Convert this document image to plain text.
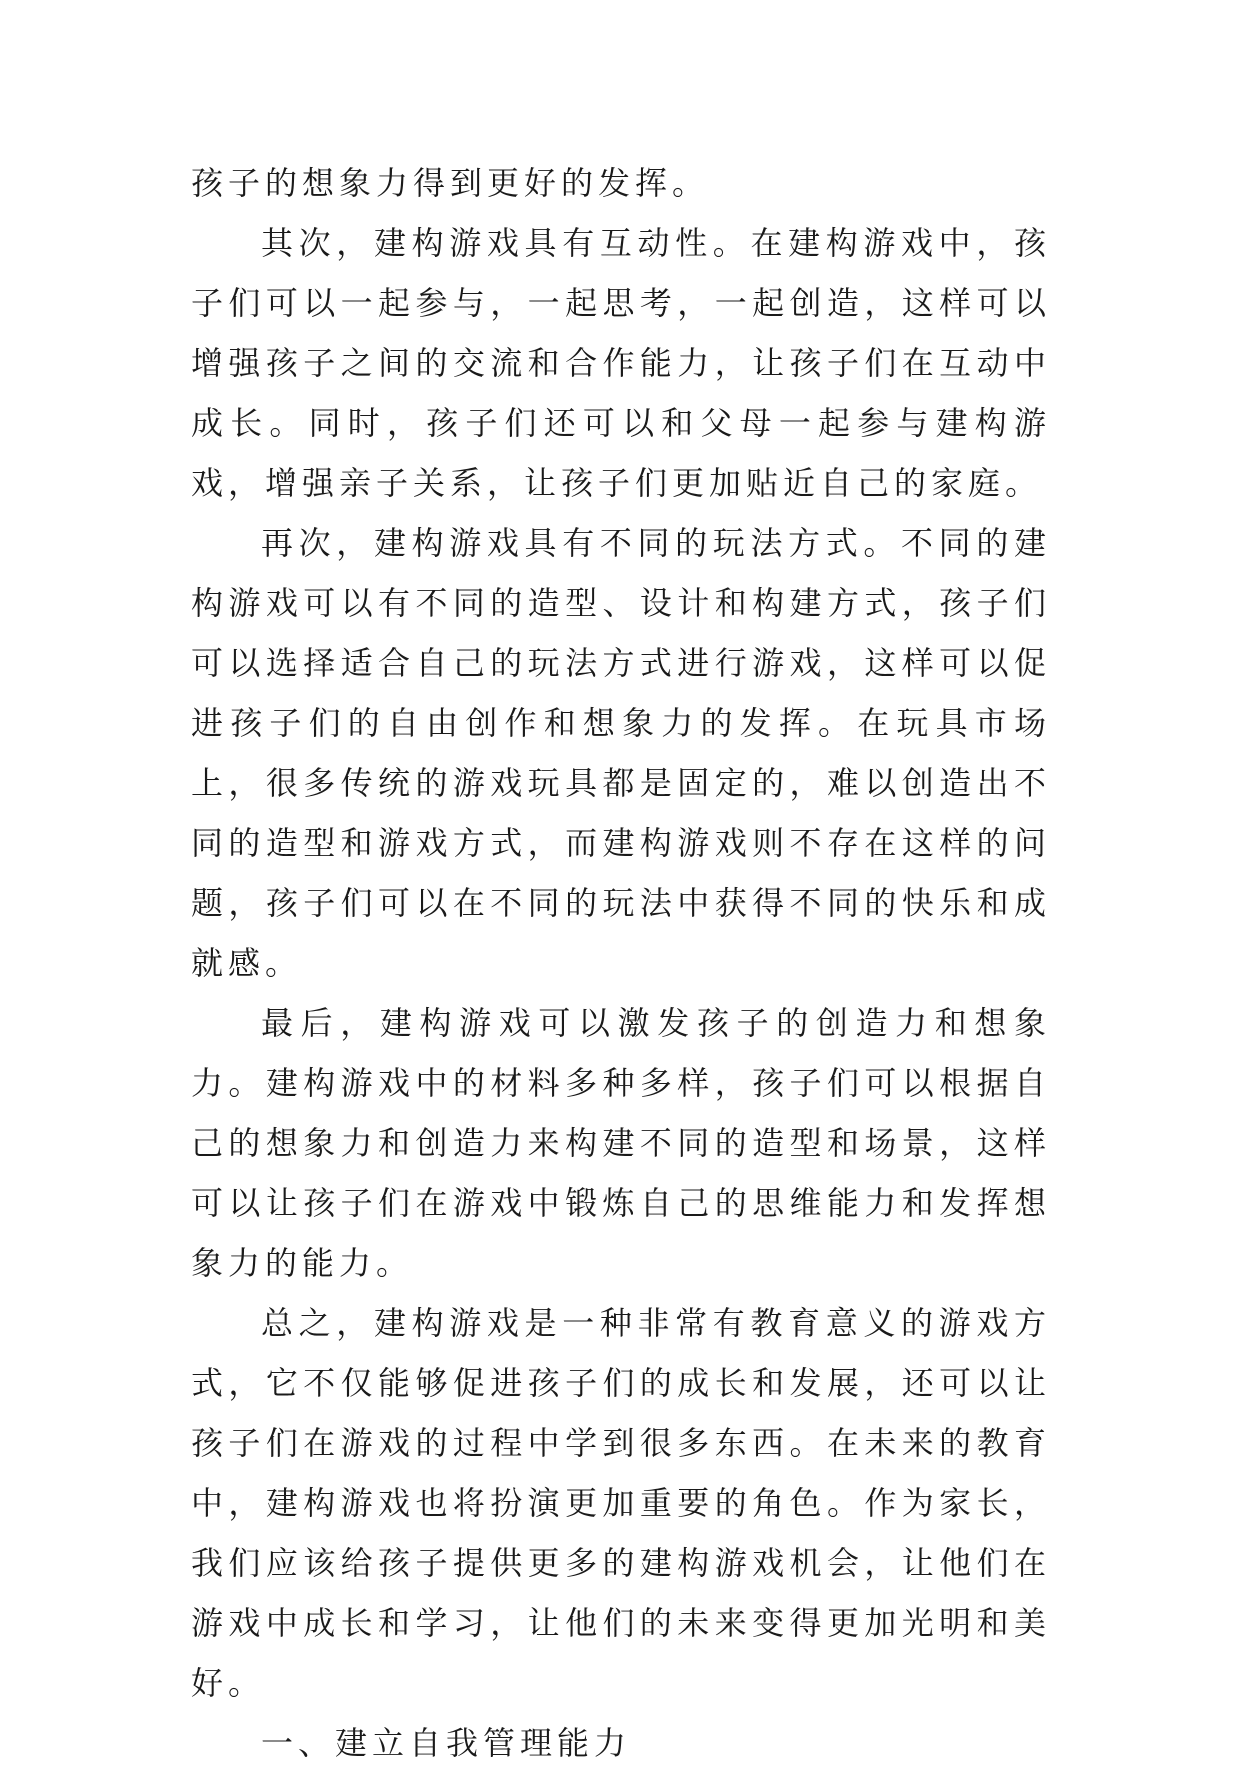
孩子的想象力得到更好的发挥。

其次，建构游戏具有互动性。在建构游戏中，孩子们可以一起参与，一起思考，一起创造，这样可以增强孩子之间的交流和合作能力，让孩子们在互动中成长。同时，孩子们还可以和父母一起参与建构游戏，增强亲子关系，让孩子们更加贴近自己的家庭。

再次，建构游戏具有不同的玩法方式。不同的建构游戏可以有不同的造型、设计和构建方式，孩子们可以选择适合自己的玩法方式进行游戏，这样可以促进孩子们的自由创作和想象力的发挥。在玩具市场上，很多传统的游戏玩具都是固定的，难以创造出不同的造型和游戏方式，而建构游戏则不存在这样的问题，孩子们可以在不同的玩法中获得不同的快乐和成就感。

最后，建构游戏可以激发孩子的创造力和想象力。建构游戏中的材料多种多样，孩子们可以根据自己的想象力和创造力来构建不同的造型和场景，这样可以让孩子们在游戏中锻炼自己的思维能力和发挥想象力的能力。

总之，建构游戏是一种非常有教育意义的游戏方式，它不仅能够促进孩子们的成长和发展，还可以让孩子们在游戏的过程中学到很多东西。在未来的教育中，建构游戏也将扮演更加重要的角色。作为家长，我们应该给孩子提供更多的建构游戏机会，让他们在游戏中成长和学习，让他们的未来变得更加光明和美好。

一、建立自我管理能力
